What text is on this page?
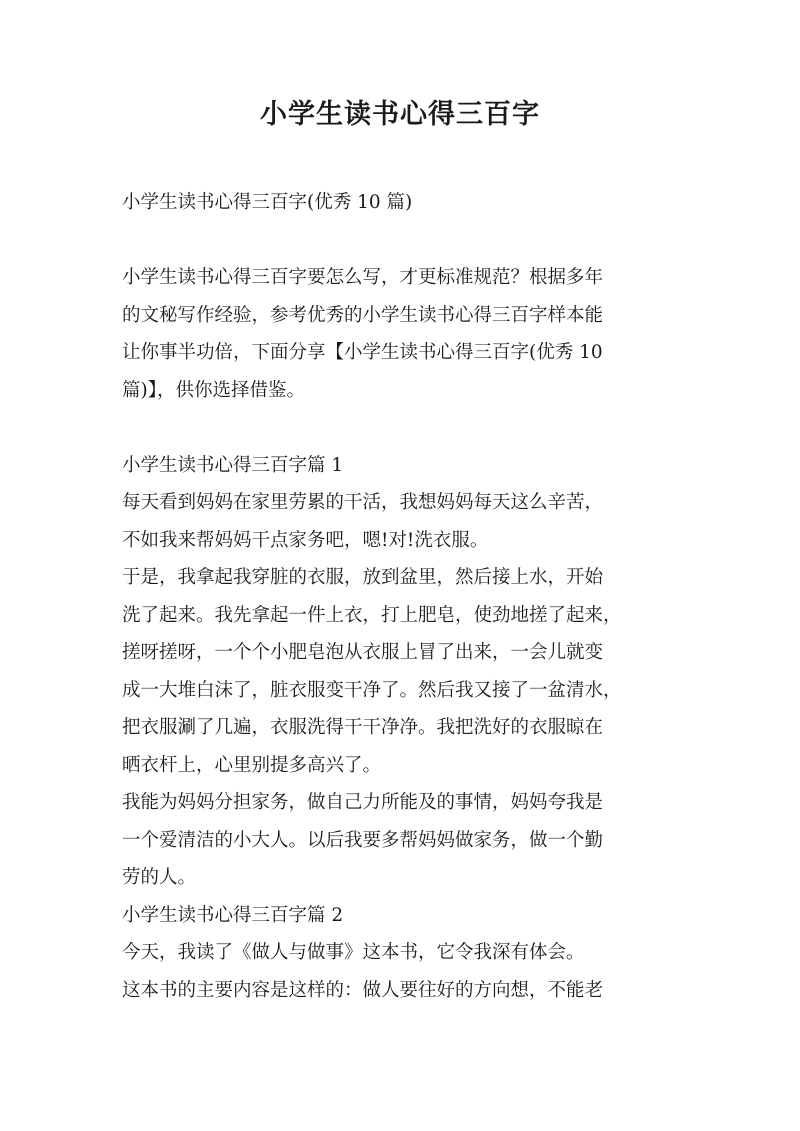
小学生读书心得三百字
小学生读书心得三百字(优秀 10 篇)
小学生读书心得三百字要怎么写，才更标准规范？根据多年
的文秘写作经验，参考优秀的小学生读书心得三百字样本能
让你事半功倍，下面分享【小学生读书心得三百字(优秀 10
篇)】，供你选择借鉴。
小学生读书心得三百字篇 1
每天看到妈妈在家里劳累的干活，我想妈妈每天这么辛苦，
不如我来帮妈妈干点家务吧，嗯!对!洗衣服。
于是，我拿起我穿脏的衣服，放到盆里，然后接上水，开始
洗了起来。我先拿起一件上衣，打上肥皂，使劲地搓了起来，
搓呀搓呀，一个个小肥皂泡从衣服上冒了出来，一会儿就变
成一大堆白沫了，脏衣服变干净了。然后我又接了一盆清水，
把衣服涮了几遍，衣服洗得干干净净。我把洗好的衣服晾在
晒衣杆上，心里别提多高兴了。
我能为妈妈分担家务，做自己力所能及的事情，妈妈夸我是
一个爱清洁的小大人。以后我要多帮妈妈做家务，做一个勤
劳的人。
小学生读书心得三百字篇 2
今天，我读了《做人与做事》这本书，它令我深有体会。
这本书的主要内容是这样的：做人要往好的方向想，不能老
